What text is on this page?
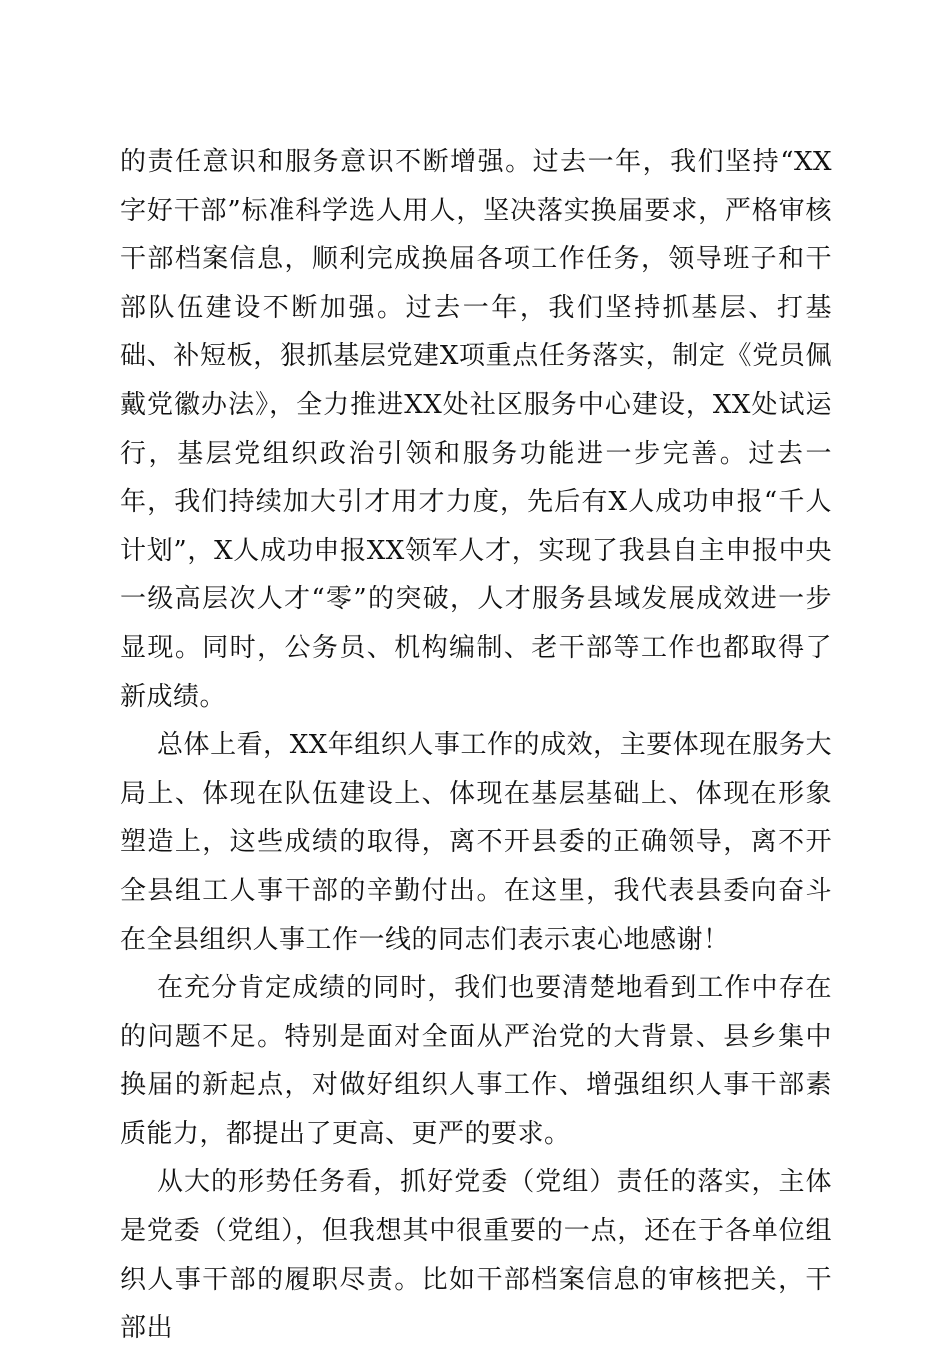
的责任意识和服务意识不断增强。过去一年，我们坚持“XX字好干部”标准科学选人用人，坚决落实换届要求，严格审核干部档案信息，顺利完成换届各项工作任务，领导班子和干部队伍建设不断加强。过去一年，我们坚持抓基层、打基础、补短板，狠抓基层党建X项重点任务落实，制定《党员佩戴党徽办法》，全力推进XX处社区服务中心建设，XX处试运行，基层党组织政治引领和服务功能进一步完善。过去一年，我们持续加大引才用才力度，先后有X人成功申报“千人计划”，X人成功申报XX领军人才，实现了我县自主申报中央一级高层次人才“零”的突破，人才服务县域发展成效进一步显现。同时，公务员、机构编制、老干部等工作也都取得了新成绩。

总体上看，XX年组织人事工作的成效，主要体现在服务大局上、体现在队伍建设上、体现在基层基础上、体现在形象塑造上，这些成绩的取得，离不开县委的正确领导，离不开全县组工人事干部的辛勤付出。在这里，我代表县委向奋斗在全县组织人事工作一线的同志们表示衷心地感谢！

在充分肯定成绩的同时，我们也要清楚地看到工作中存在的问题不足。特别是面对全面从严治党的大背景、县乡集中换届的新起点，对做好组织人事工作、增强组织人事干部素质能力，都提出了更高、更严的要求。

从大的形势任务看，抓好党委（党组）责任的落实，主体是党委（党组），但我想其中很重要的一点，还在于各单位组织人事干部的履职尽责。比如干部档案信息的审核把关，干部出
